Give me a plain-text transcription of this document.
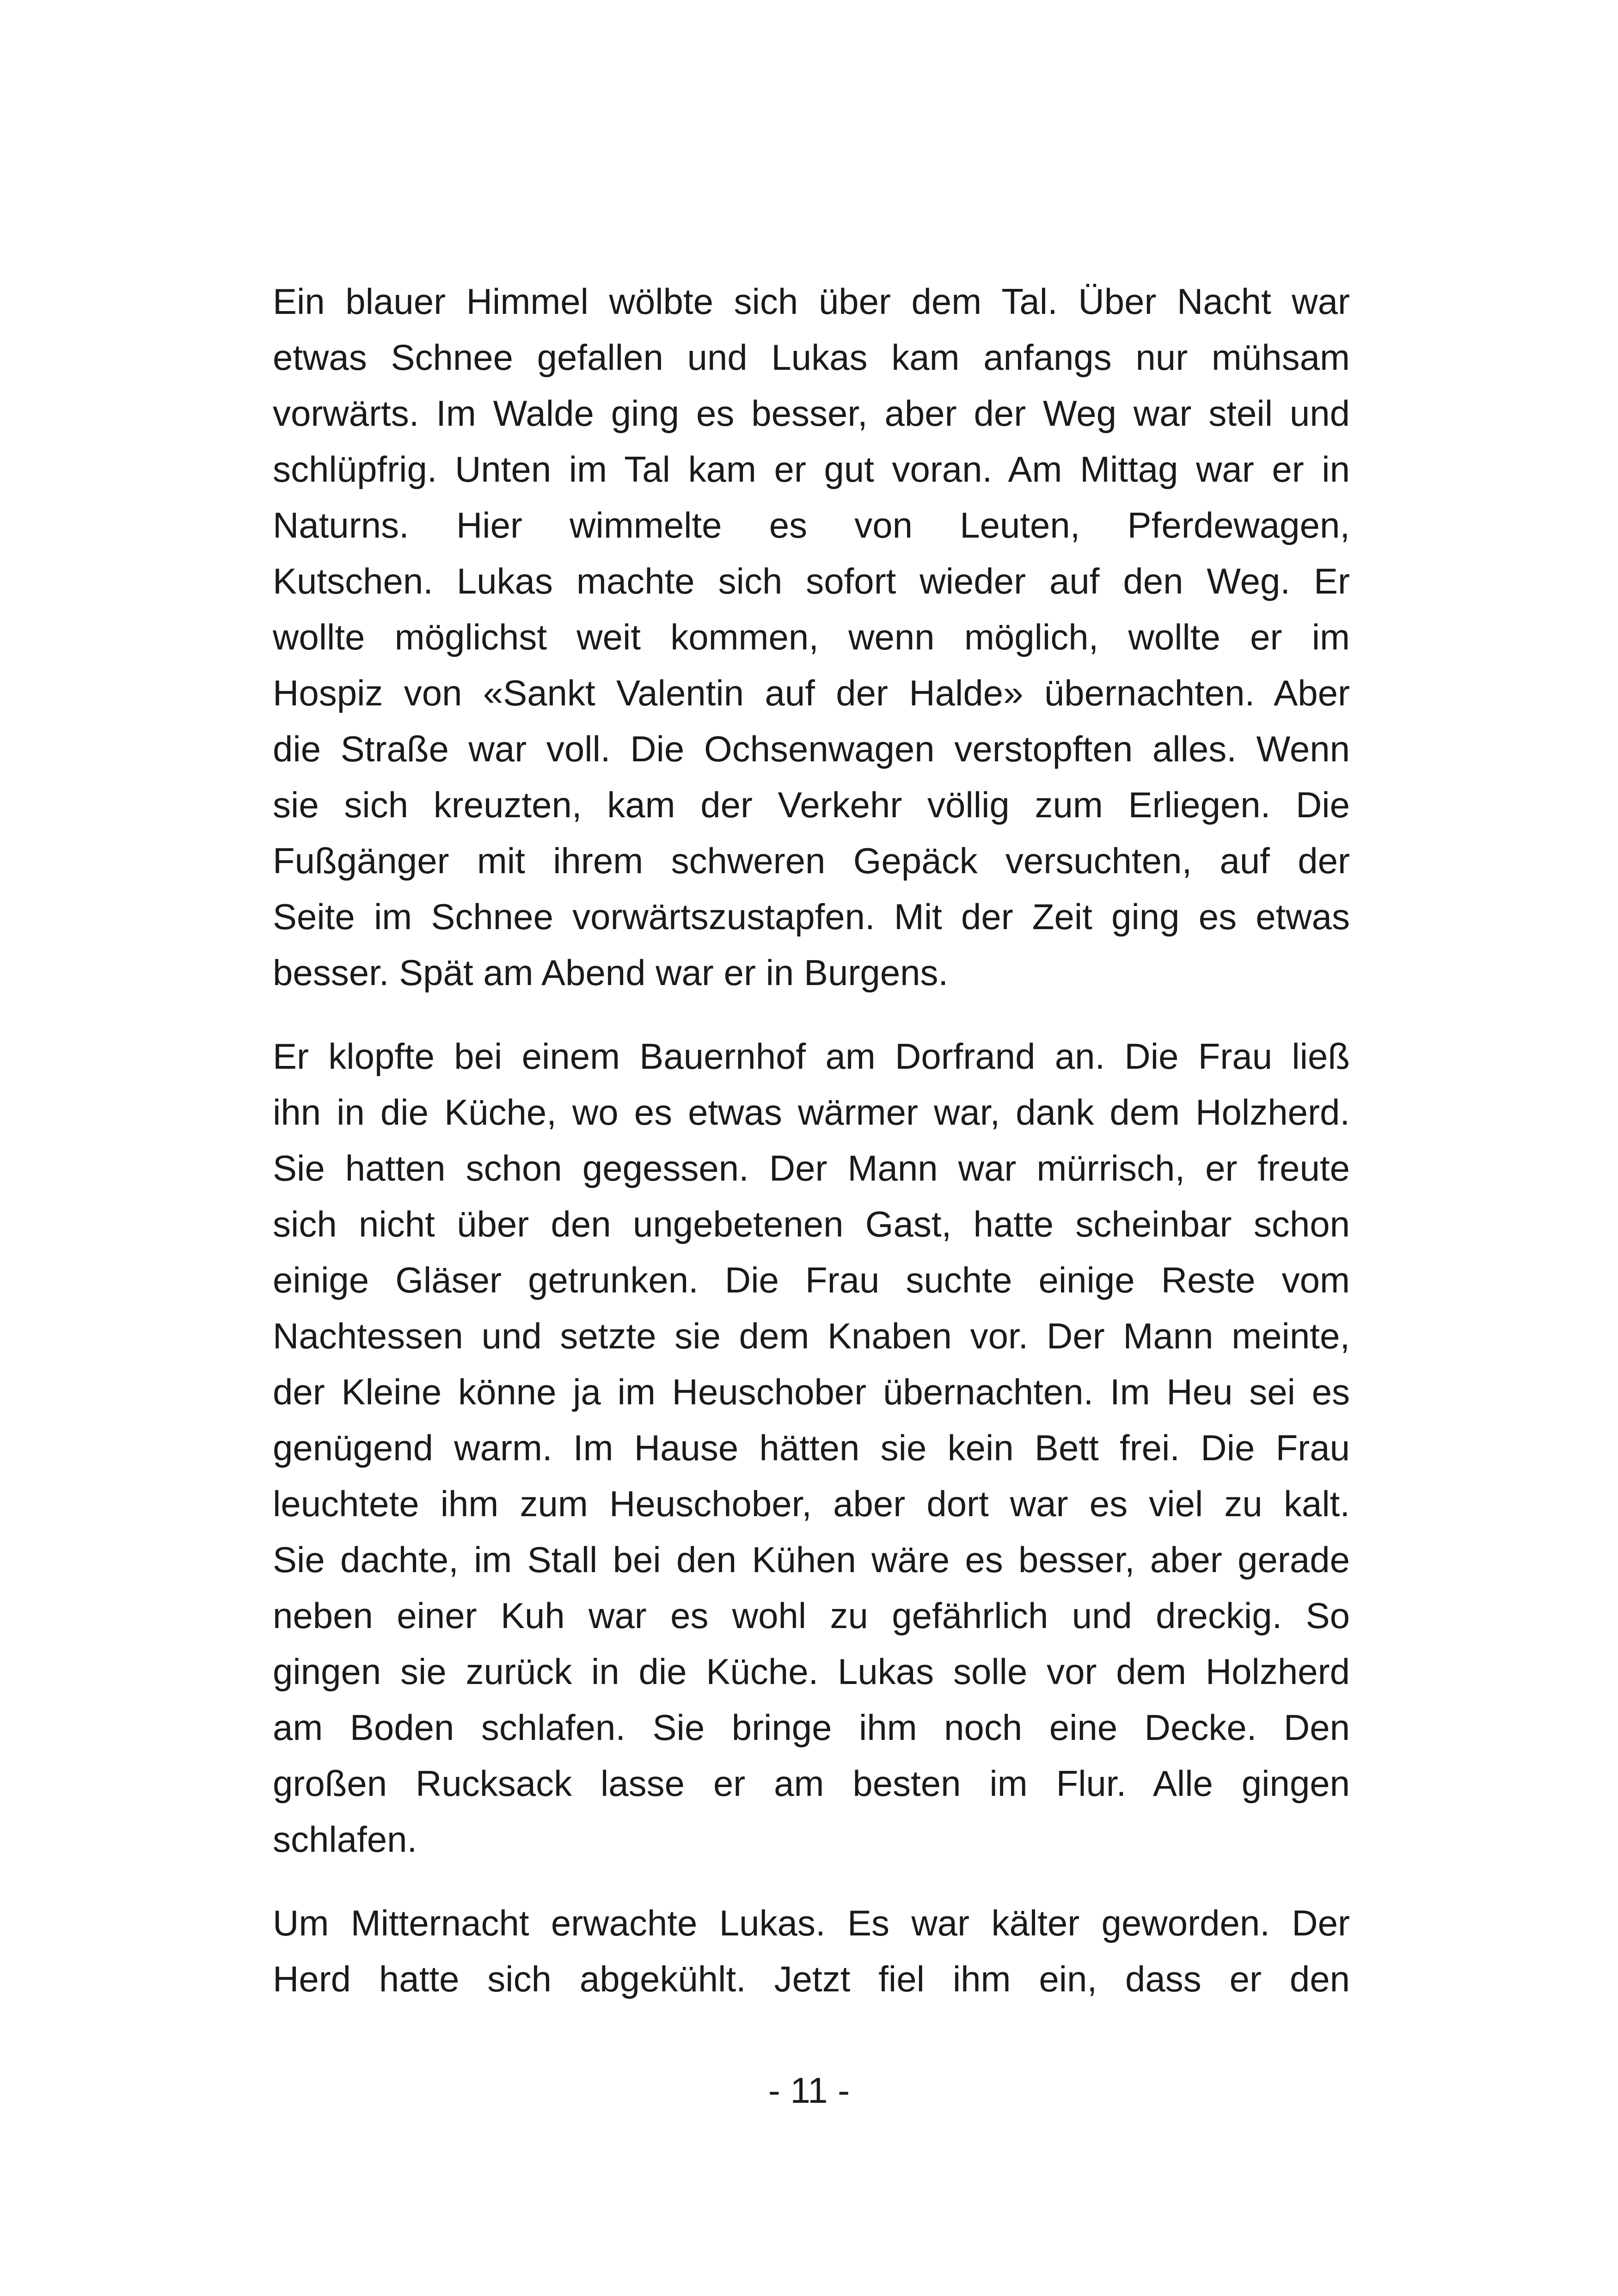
Ein blauer Himmel wölbte sich über dem Tal. Über Nacht war
etwas Schnee gefallen und Lukas kam anfangs nur mühsam
vorwärts. Im Walde ging es besser, aber der Weg war steil und
schlüpfrig. Unten im Tal kam er gut voran. Am Mittag war er in
Naturns. Hier wimmelte es von Leuten, Pferdewagen,
Kutschen. Lukas machte sich sofort wieder auf den Weg. Er
wollte möglichst weit kommen, wenn möglich, wollte er im
Hospiz von «Sankt Valentin auf der Halde» übernachten. Aber
die Straße war voll. Die Ochsenwagen verstopften alles. Wenn
sie sich kreuzten, kam der Verkehr völlig zum Erliegen. Die
Fußgänger mit ihrem schweren Gepäck versuchten, auf der
Seite im Schnee vorwärtszustapfen. Mit der Zeit ging es etwas
besser. Spät am Abend war er in Burgens.
Er klopfte bei einem Bauernhof am Dorfrand an. Die Frau ließ
ihn in die Küche, wo es etwas wärmer war, dank dem Holzherd.
Sie hatten schon gegessen. Der Mann war mürrisch, er freute
sich nicht über den ungebetenen Gast, hatte scheinbar schon
einige Gläser getrunken. Die Frau suchte einige Reste vom
Nachtessen und setzte sie dem Knaben vor. Der Mann meinte,
der Kleine könne ja im Heuschober übernachten. Im Heu sei es
genügend warm. Im Hause hätten sie kein Bett frei. Die Frau
leuchtete ihm zum Heuschober, aber dort war es viel zu kalt.
Sie dachte, im Stall bei den Kühen wäre es besser, aber gerade
neben einer Kuh war es wohl zu gefährlich und dreckig. So
gingen sie zurück in die Küche. Lukas solle vor dem Holzherd
am Boden schlafen. Sie bringe ihm noch eine Decke. Den
großen Rucksack lasse er am besten im Flur. Alle gingen
schlafen.
Um Mitternacht erwachte Lukas. Es war kälter geworden. Der
Herd hatte sich abgekühlt. Jetzt fiel ihm ein, dass er den
- 11 -
